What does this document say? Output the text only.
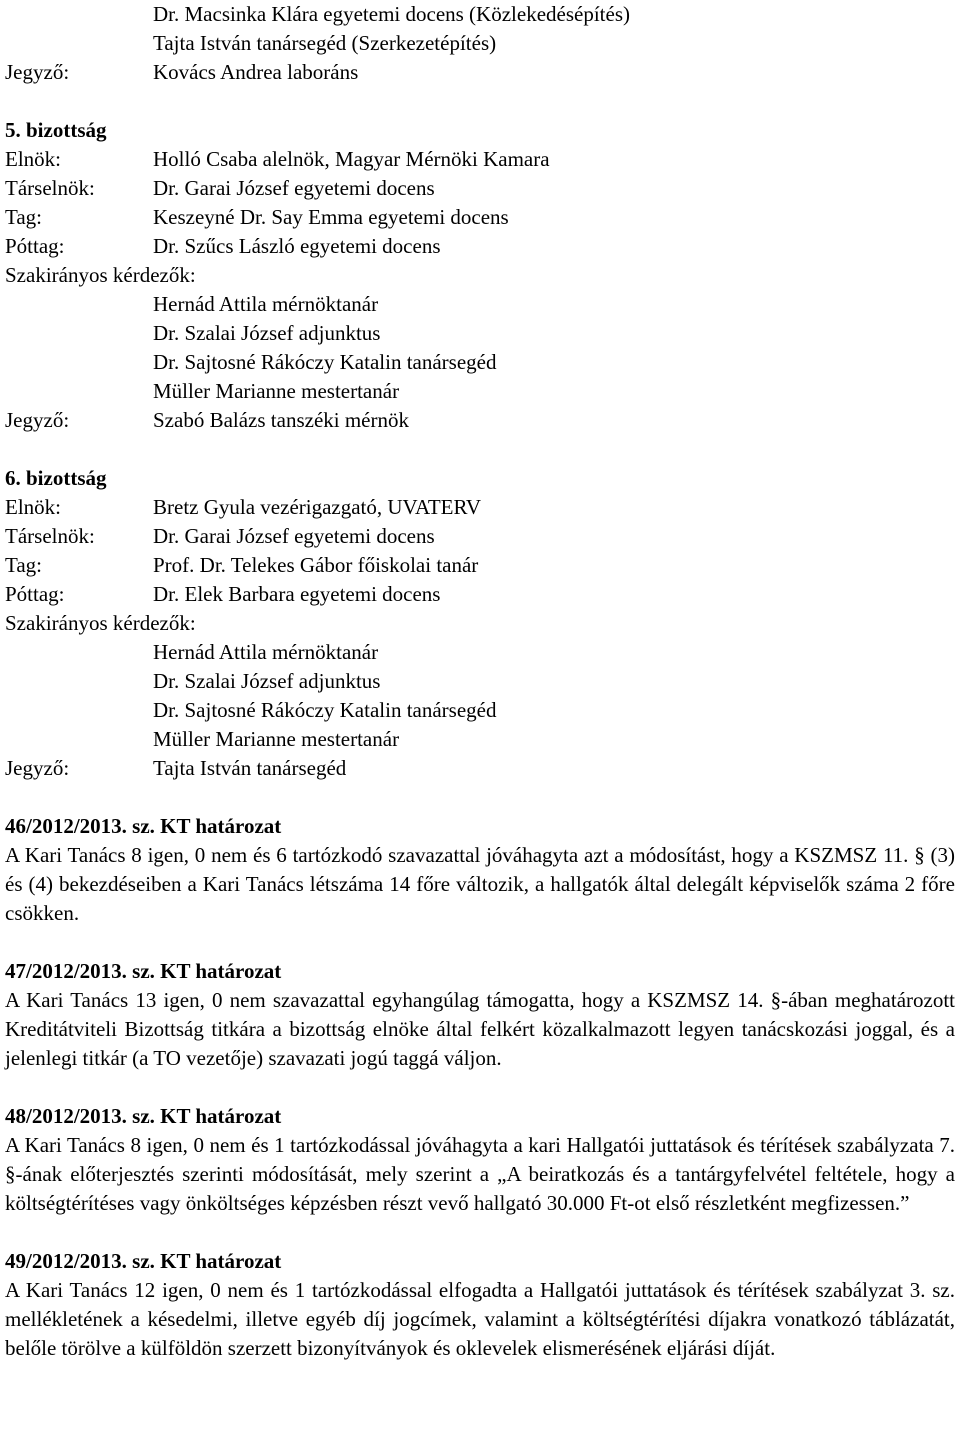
Dr. Macsinka Klára egyetemi docens (Közlekedésépítés)
Tajta István tanársegéd (Szerkezetépítés)
Jegyző:	Kovács Andrea laboráns
5. bizottság
Elnök:	Holló Csaba alelnök, Magyar Mérnöki Kamara
Társelnök:	Dr. Garai József egyetemi docens
Tag:	Keszeyné Dr. Say Emma egyetemi docens
Póttag:	Dr. Szűcs László egyetemi docens
Szakirányos kérdezők:
Hernád Attila mérnöktanár
Dr. Szalai József adjunktus
Dr. Sajtosné Rákóczy Katalin tanársegéd
Müller Marianne mestertanár
Jegyző:	Szabó Balázs tanszéki mérnök
6. bizottság
Elnök:	Bretz Gyula vezérigazgató, UVATERV
Társelnök:	Dr. Garai József egyetemi docens
Tag:	Prof. Dr. Telekes Gábor főiskolai tanár
Póttag:	Dr. Elek Barbara egyetemi docens
Szakirányos kérdezők:
Hernád Attila mérnöktanár
Dr. Szalai József adjunktus
Dr. Sajtosné Rákóczy Katalin tanársegéd
Müller Marianne mestertanár
Jegyző:	Tajta István tanársegéd
46/2012/2013. sz. KT határozat
A Kari Tanács 8 igen, 0 nem és 6 tartózkodó szavazattal jóváhagyta azt a módosítást, hogy a KSZMSZ 11. § (3) és (4) bekezdéseiben a Kari Tanács létszáma 14 főre változik, a hallgatók által delegált képviselők száma 2 főre csökken.
47/2012/2013. sz. KT határozat
A Kari Tanács 13 igen, 0 nem szavazattal egyhangúlag támogatta, hogy a KSZMSZ 14. §-ában meghatározott Kreditátviteli Bizottság titkára a bizottság elnöke által felkért közalkalmazott legyen tanácskozási joggal, és a jelenlegi titkár (a TO vezetője) szavazati jogú taggá váljon.
48/2012/2013. sz. KT határozat
A Kari Tanács 8 igen, 0 nem és 1 tartózkodással jóváhagyta a kari Hallgatói juttatások és térítések szabályzata 7. §-ának előterjesztés szerinti módosítását, mely szerint a „A beiratkozás és a tantárgyfelvétel feltétele, hogy a költségtérítéses vagy önköltséges képzésben részt vevő hallgató 30.000 Ft-ot első részletként megfizessen.”
49/2012/2013. sz. KT határozat
A Kari Tanács 12 igen, 0 nem és 1 tartózkodással elfogadta a Hallgatói juttatások és térítések szabályzat 3. sz. mellékletének a késedelmi, illetve egyéb díj jogcímek, valamint a költségtérítési díjakra vonatkozó táblázatát, belőle törölve a külföldön szerzett bizonyítványok és oklevelek elismerésének eljárási díját.
